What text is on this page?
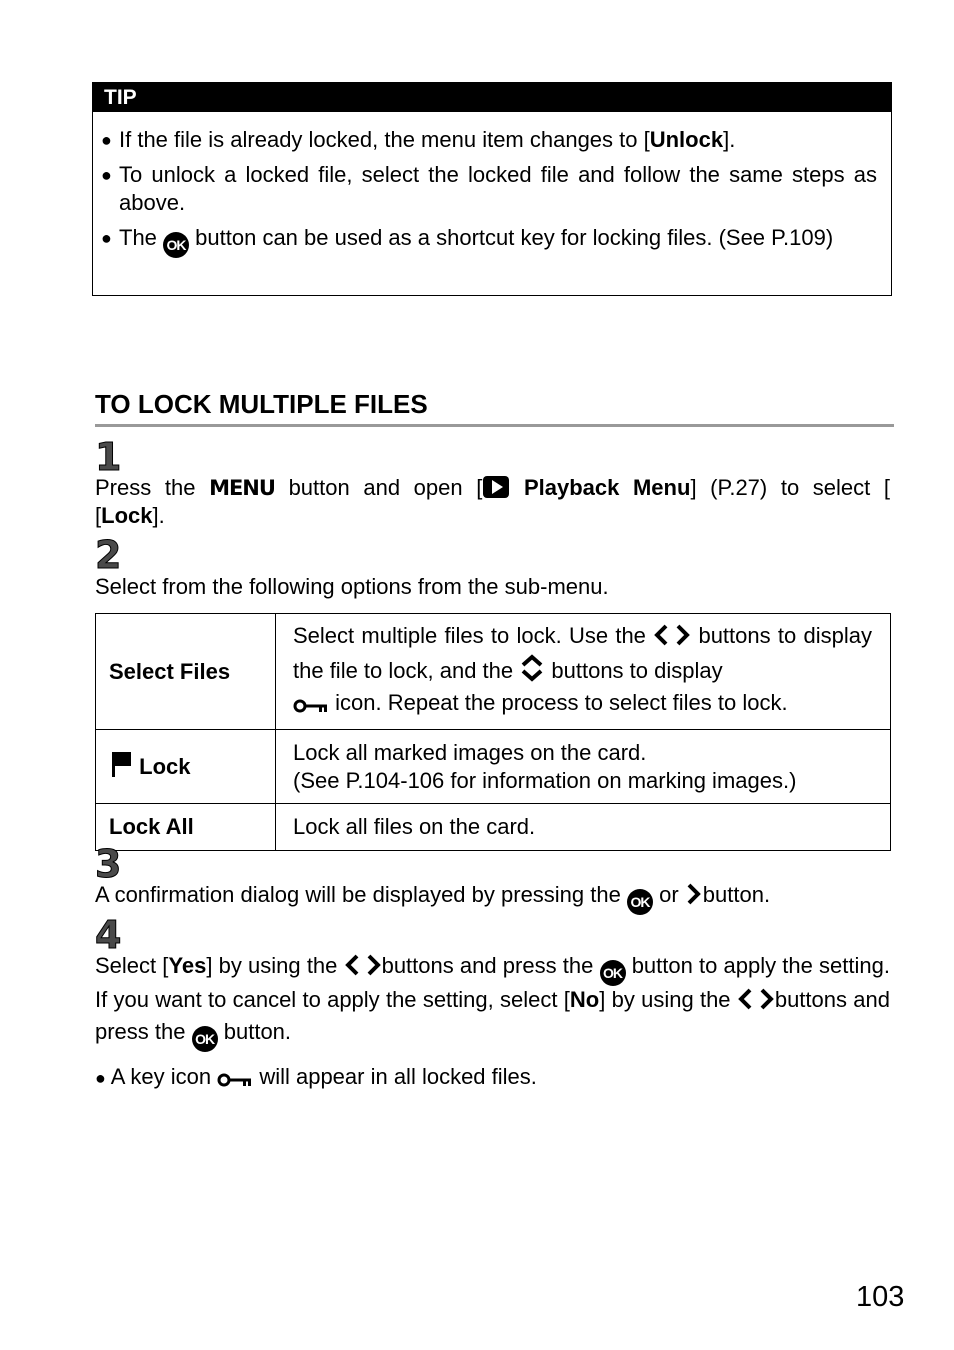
TIP
● If the file is already locked, the menu item changes to [Unlock].
● To unlock a locked file, select the locked file and follow the same steps as above.
● The OK button can be used as a shortcut key for locking files. (See P.109)
TO LOCK MULTIPLE FILES
1
Press the MENU button and open [ Playback Menu] (P.27) to select [
[Lock].
2
Select from the following options from the sub-menu.
Select Files	Select multiple files to lock. Use the buttons to display the file to lock, and the buttons to display
icon. Repeat the process to select files to lock.
Lock	Lock all marked images on the card.
(See P.104-106 for information on marking images.)
Lock All	Lock all files on the card.
3
A confirmation dialog will be displayed by pressing the OK or button.
4
Select [Yes] by using the buttons and press the OK button to apply the setting. If you want to cancel to apply the setting, select [No] by using the buttons and press the OK button.
● A key icon will appear in all locked files.
103
